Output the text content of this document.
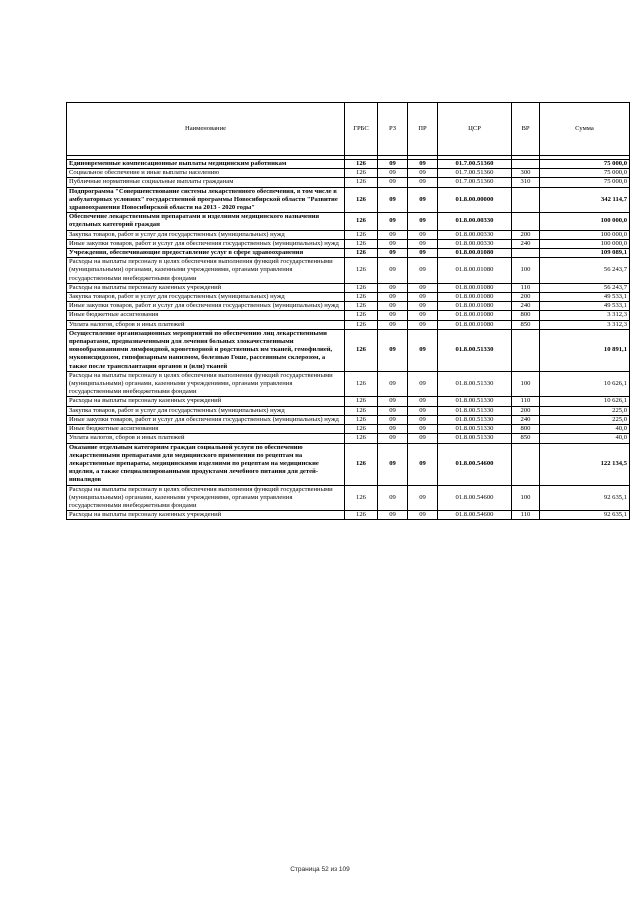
Наименование	ГРБС	РЗ	ПР	ЦСР	ВР	Сумма

Единовременные компенсационные выплаты медицинским работникам	126	09	09	01.7.00.51360		75 000,0
Социальное обеспечение и иные выплаты населению	126	09	09	01.7.00.51360	300	75 000,0
Публичные нормативные социальные выплаты гражданам	126	09	09	01.7.00.51360	310	75 000,0
Подпрограмма "Совершенствование системы лекарственного обеспечения, в том числе в амбулаторных условиях" государственной программы Новосибирской области "Развитие здравоохранения Новосибирской области на 2013 - 2020 годы"	126	09	09	01.8.00.00000		342 114,7
Обеспечение лекарственными препаратами и изделиями медицинского назначения отдельных категорий граждан	126	09	09	01.8.00.00330		100 000,0
Закупка товаров, работ и услуг для государственных (муниципальных) нужд	126	09	09	01.8.00.00330	200	100 000,0
Иные закупки товаров, работ и услуг для обеспечения государственных (муниципальных) нужд	126	09	09	01.8.00.00330	240	100 000,0
Учреждения, обеспечивающие предоставление услуг в сфере здравоохранения	126	09	09	01.8.00.01080		109 089,1
Расходы на выплаты персоналу в целях обеспечения выполнения функций государственными (муниципальными) органами, казенными учреждениями, органами управления государственными внебюджетными фондами	126	09	09	01.8.00.01080	100	56 243,7
Расходы на выплаты персоналу казенных учреждений	126	09	09	01.8.00.01080	110	56 243,7
Закупка товаров, работ и услуг для государственных (муниципальных) нужд	126	09	09	01.8.00.01080	200	49 533,1
Иные закупки товаров, работ и услуг для обеспечения государственных (муниципальных) нужд	126	09	09	01.8.00.01080	240	49 533,1
Иные бюджетные ассигнования	126	09	09	01.8.00.01080	800	3 312,3
Уплата налогов, сборов и иных платежей	126	09	09	01.8.00.01080	850	3 312,3
Осуществление организационных мероприятий по обеспечению лиц лекарственными препаратами, предназначенными для лечения больных злокачественными новообразованиями лимфоидной, кроветворной и родственных им тканей, гемофилией, муковисцидозом, гипофизарным нанизмом, болезнью Гоше, рассеянным склерозом, а также после трансплантации органов и (или) тканей	126	09	09	01.8.00.51330		10 891,1
Расходы на выплаты персоналу в целях обеспечения выполнения функций государственными (муниципальными) органами, казенными учреждениями, органами управления государственными внебюджетными фондами	126	09	09	01.8.00.51330	100	10 626,1
Расходы на выплаты персоналу казенных учреждений	126	09	09	01.8.00.51330	110	10 626,1
Закупка товаров, работ и услуг для государственных (муниципальных) нужд	126	09	09	01.8.00.51330	200	225,0
Иные закупки товаров, работ и услуг для обеспечения государственных (муниципальных) нужд	126	09	09	01.8.00.51330	240	225,0
Иные бюджетные ассигнования	126	09	09	01.8.00.51330	800	40,0
Уплата налогов, сборов и иных платежей	126	09	09	01.8.00.51330	850	40,0
Оказание отдельным категориям граждан социальной услуги по обеспечению лекарственными препаратами для медицинского применения по рецептам на лекарственные препараты, медицинскими изделиями по рецептам на медицинские изделия, а также специализированными продуктами лечебного питания для детей-инвалидов	126	09	09	01.8.00.54600		122 134,5
Расходы на выплаты персоналу в целях обеспечения выполнения функций государственными (муниципальными) органами, казенными учреждениями, органами управления государственными внебюджетными фондами	126	09	09	01.8.00.54600	100	92 635,1
Расходы на выплаты персоналу казенных учреждений	126	09	09	01.8.00.54600	110	92 635,1
Страница 52 из 109
